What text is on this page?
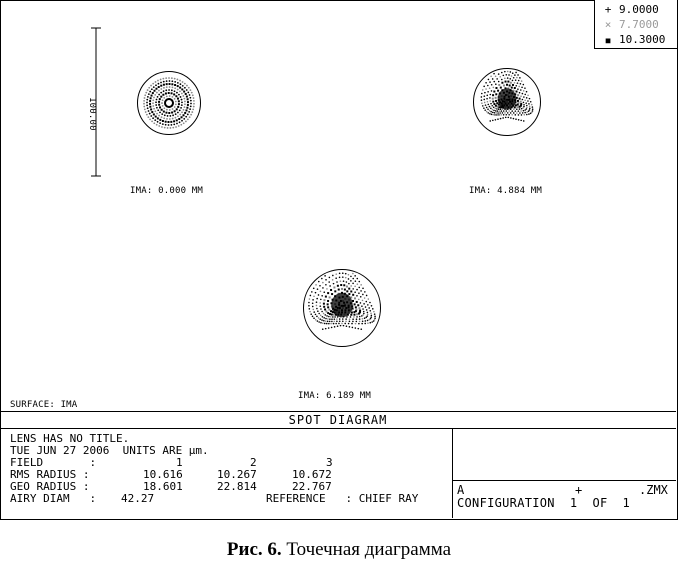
+ 9.0000
× 7.7000
■ 10.3000
100.00
IMA: 0.000 MM	IMA: 4.884 MM
IMA: 6.189 MM
SURFACE: IMA
SPOT DIAGRAM
LENS HAS NO TITLE.
TUE JUN 27 2006  UNITS ARE μm.
FIELD       :	1	2	3
RMS RADIUS :	10.616	10.267	10.672
GEO RADIUS :	18.601	22.814	22.767
AIRY DIAM   : 42.27	REFERENCE   : CHIEF RAY
A	+	.ZMX
CONFIGURATION  1  OF  1
Рис. 6. Точечная диаграмма
